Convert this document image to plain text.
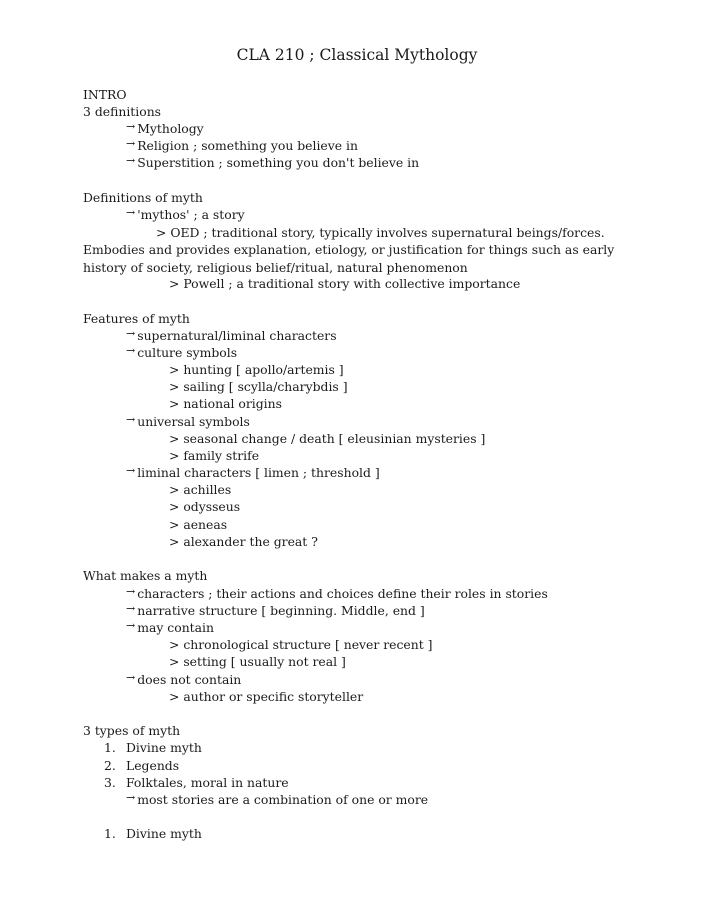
CLA 210 ; Classical Mythology
INTRO
3 definitions
→ Mythology
→ Religion ; something you believe in
→ Superstition ; something you don't believe in
Definitions of myth
→ 'mythos' ; a story
> OED ; traditional story, typically involves supernatural beings/forces. Embodies and provides explanation, etiology, or justification for things such as early history of society, religious belief/ritual, natural phenomenon
> Powell ; a traditional story with collective importance
Features of myth
→ supernatural/liminal characters
→ culture symbols
> hunting [ apollo/artemis ]
> sailing [ scylla/charybdis ]
> national origins
→ universal symbols
> seasonal change / death [ eleusinian mysteries ]
> family strife
→ liminal characters [ limen ; threshold ]
> achilles
> odysseus
> aeneas
> alexander the great ?
What makes a myth
→ characters ; their actions and choices define their roles in stories
→ narrative structure [ beginning. Middle, end ]
→ may contain
> chronological structure [ never recent ]
> setting [ usually not real ]
→ does not contain
> author or specific storyteller
3 types of myth
1. Divine myth
2. Legends
3. Folktales, moral in nature
→ most stories are a combination of one or more
1. Divine myth
